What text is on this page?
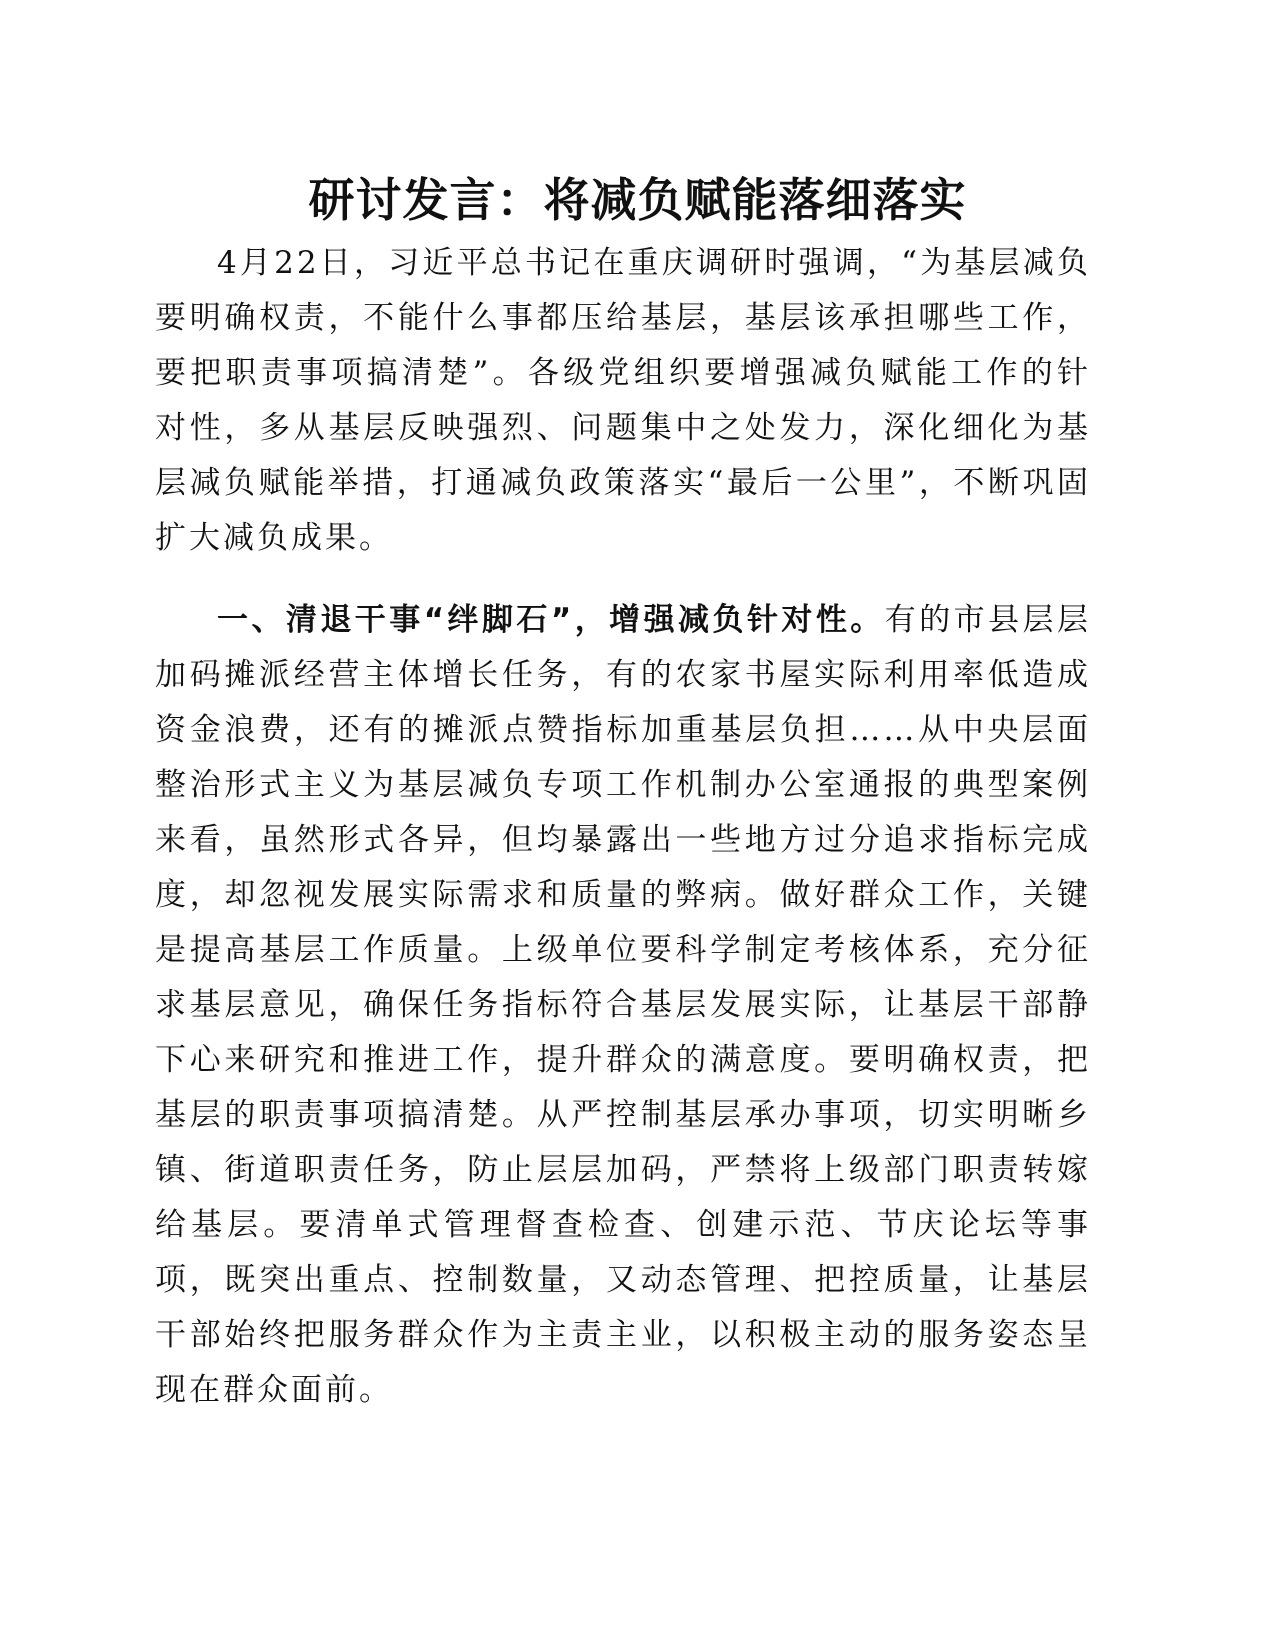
研讨发言：将减负赋能落细落实

4月22日，习近平总书记在重庆调研时强调，“为基层减负要明确权责，不能什么事都压给基层，基层该承担哪些工作，要把职责事项搞清楚”。各级党组织要增强减负赋能工作的针对性，多从基层反映强烈、问题集中之处发力，深化细化为基层减负赋能举措，打通减负政策落实“最后一公里”，不断巩固扩大减负成果。

一、清退干事“绊脚石”，增强减负针对性。有的市县层层加码摊派经营主体增长任务，有的农家书屋实际利用率低造成资金浪费，还有的摊派点赞指标加重基层负担……从中央层面整治形式主义为基层减负专项工作机制办公室通报的典型案例来看，虽然形式各异，但均暴露出一些地方过分追求指标完成度，却忽视发展实际需求和质量的弊病。做好群众工作，关键是提高基层工作质量。上级单位要科学制定考核体系，充分征求基层意见，确保任务指标符合基层发展实际，让基层干部静下心来研究和推进工作，提升群众的满意度。要明确权责，把基层的职责事项搞清楚。从严控制基层承办事项，切实明晰乡镇、街道职责任务，防止层层加码，严禁将上级部门职责转嫁给基层。要清单式管理督查检查、创建示范、节庆论坛等事项，既突出重点、控制数量，又动态管理、把控质量，让基层干部始终把服务群众作为主责主业，以积极主动的服务姿态呈现在群众面前。
